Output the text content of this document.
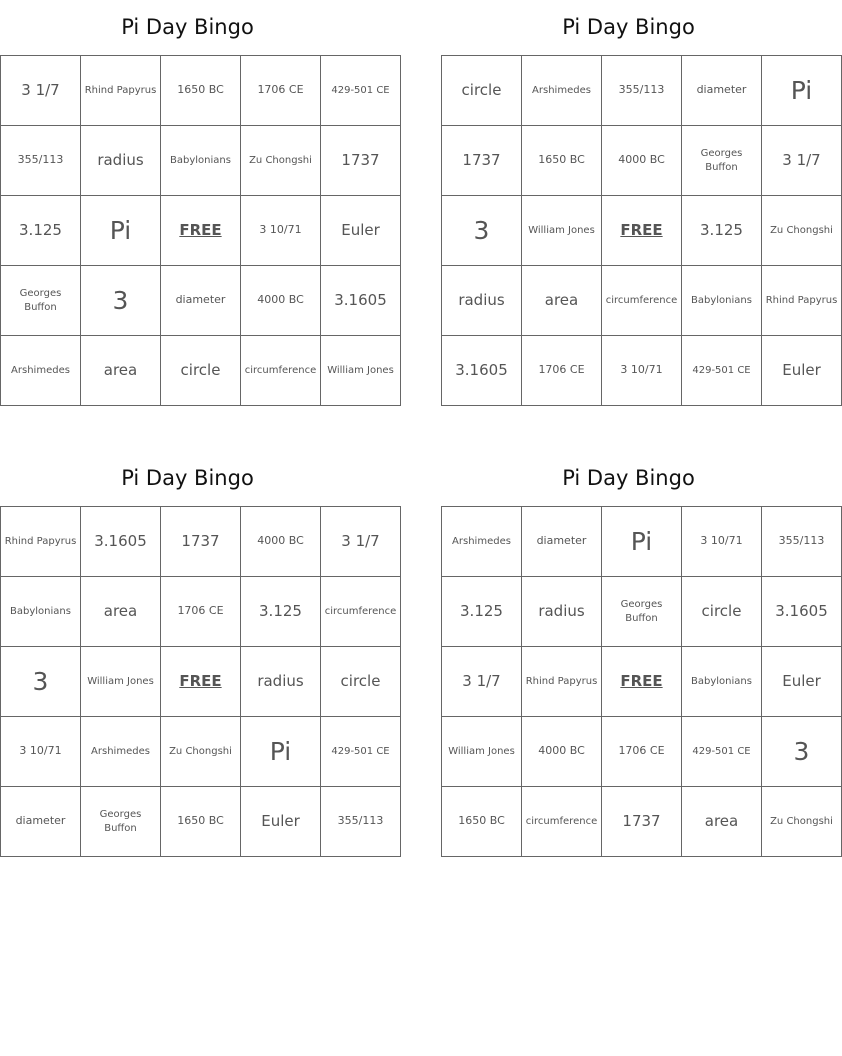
Pi Day Bingo
3 1/7	Rhind Papyrus	1650 BC	1706 CE	429-501 CE
355/113	radius	Babylonians	Zu Chongshi	1737
3.125	Pi	FREE	3 10/71	Euler
Georges Buffon	3	diameter	4000 BC	3.1605
Arshimedes	area	circle	circumference	William Jones
Pi Day Bingo
circle	Arshimedes	355/113	diameter	Pi
1737	1650 BC	4000 BC	Georges Buffon	3 1/7
3	William Jones	FREE	3.125	Zu Chongshi
radius	area	circumference	Babylonians	Rhind Papyrus
3.1605	1706 CE	3 10/71	429-501 CE	Euler
Pi Day Bingo
Rhind Papyrus	3.1605	1737	4000 BC	3 1/7
Babylonians	area	1706 CE	3.125	circumference
3	William Jones	FREE	radius	circle
3 10/71	Arshimedes	Zu Chongshi	Pi	429-501 CE
diameter	Georges Buffon	1650 BC	Euler	355/113
Pi Day Bingo
Arshimedes	diameter	Pi	3 10/71	355/113
3.125	radius	Georges Buffon	circle	3.1605
3 1/7	Rhind Papyrus	FREE	Babylonians	Euler
William Jones	4000 BC	1706 CE	429-501 CE	3
1650 BC	circumference	1737	area	Zu Chongshi
